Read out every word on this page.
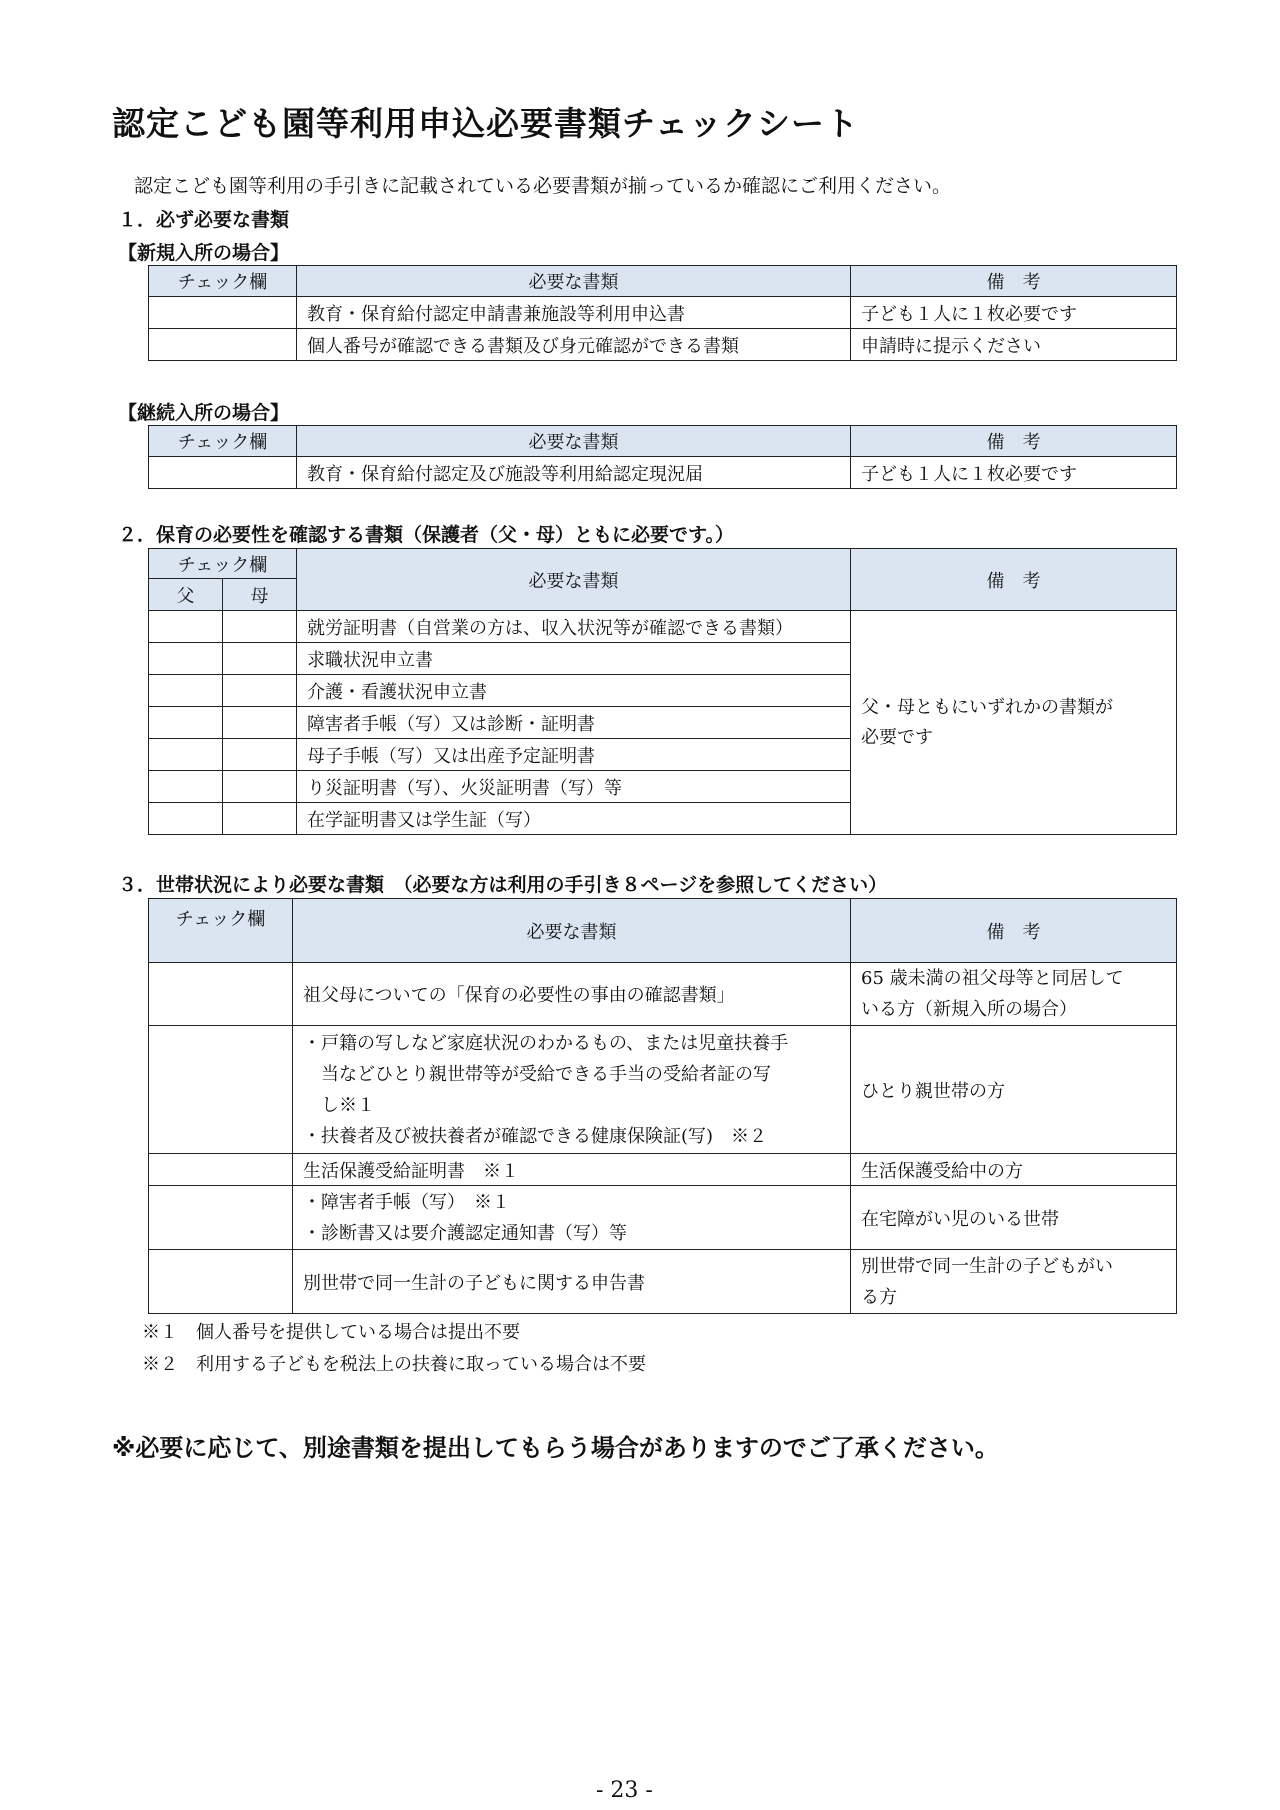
認定こども園等利用申込必要書類チェックシート
認定こども園等利用の手引きに記載されている必要書類が揃っているか確認にご利用ください。
１．必ず必要な書類
【新規入所の場合】
チェック欄	必要な書類	備　考
	教育・保育給付認定申請書兼施設等利用申込書	子ども１人に１枚必要です
	個人番号が確認できる書類及び身元確認ができる書類	申請時に提示ください
【継続入所の場合】
チェック欄	必要な書類	備　考
	教育・保育給付認定及び施設等利用給認定現況届	子ども１人に１枚必要です
２．保育の必要性を確認する書類（保護者（父・母）ともに必要です。）
チェック欄		必要な書類	備　考
父	母		
		就労証明書（自営業の方は、収入状況等が確認できる書類）	父・母ともにいずれかの書類が
必要です

		求職状況申立書	
		介護・看護状況申立書	
		障害者手帳（写）又は診断・証明書	
		母子手帳（写）又は出産予定証明書	
		り災証明書（写）、火災証明書（写）等	
		在学証明書又は学生証（写）	
３．世帯状況により必要な書類　（必要な方は利用の手引き８ページを参照してください）
チェック欄	必要な書類	備　考
	祖父母についての「保育の必要性の事由の確認書類」	65 歳未満の祖父母等と同居して
いる方（新規入所の場合）

	・戸籍の写しなど家庭状況のわかるもの、または児童扶養手
　当などひとり親世帯等が受給できる手当の受給者証の写
　し※１
・扶養者及び被扶養者が確認できる健康保険証(写)　※２	ひとり親世帯の方
	生活保護受給証明書　※１	生活保護受給中の方

	・障害者手帳（写）　※１
・診断書又は要介護認定通知書（写）等	在宅障がい児のいる世帯
	別世帯で同一生計の子どもに関する申告書	別世帯で同一生計の子どもがい
る方
※１　個人番号を提供している場合は提出不要
※２　利用する子どもを税法上の扶養に取っている場合は不要
※必要に応じて、別途書類を提出してもらう場合がありますのでご了承ください。
- 23 -
